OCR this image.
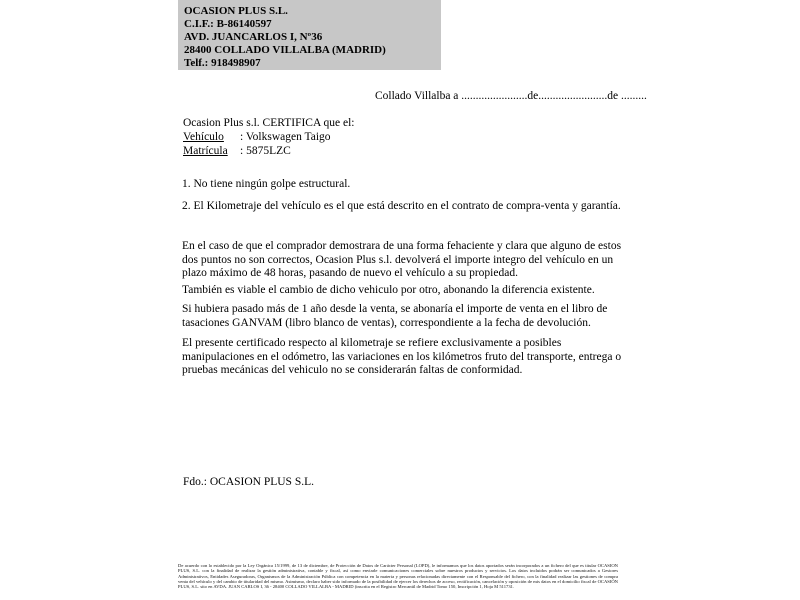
OCASION PLUS S.L.
C.I.F.: B-86140597
AVD. JUANCARLOS I, Nº36
28400 COLLADO VILLALBA (MADRID)
Telf.: 918498907
Collado Villalba a .......................de........................de .........
Ocasion Plus s.l. CERTIFICA que el:
Vehículo : Volkswagen Taigo
Matrícula : 5875LZC
1. No tiene ningún golpe estructural.
2. El Kilometraje del vehículo es el que está descrito en el contrato de compra-venta y garantía.
En el caso de que el comprador demostrara de una forma fehaciente y clara que alguno de estos dos puntos no son correctos, Ocasion Plus s.l. devolverá el importe integro del vehículo en un plazo máximo de 48 horas, pasando de nuevo el vehículo a su propiedad.
También es viable el cambio de dicho vehiculo por otro, abonando la diferencia existente.
Si hubiera pasado más de 1 año desde la venta, se abonaría el importe de venta en el libro de tasaciones GANVAM (libro blanco de ventas), correspondiente a la fecha de devolución.
El presente certificado respecto al kilometraje se refiere exclusivamente a posibles manipulaciones en el odómetro, las variaciones en los kilómetros fruto del transporte, entrega o pruebas mecánicas del vehiculo no se considerarán faltas de conformidad.
Fdo.: OCASION PLUS S.L.
De acuerdo con lo establecido por la Ley Orgánica 15/1999, de 13 de diciembre, de Protección de Datos de Carácter Personal (LOPD), le informamos que los datos aportados serán incorporados a un fichero del que es titular OCASION PLUS, S.L. con la finalidad de realizar la gestión administrativa, contable y fiscal, así como enviarle comunicaciones comerciales sobre nuestros productos y servicios. Los datos incluidos podrán ser comunicados a Gestores Administrativos, Entidades Aseguradoras, Organismos de la Administración Pública con competencia en la materia y personas relacionadas directamente con el Responsable del fichero, con la finalidad realizar las gestiones de compra venta del vehículo y del cambio de titularidad del mismo. Asimismo, declaro haber sido informado de la posibilidad de ejercer los derechos de acceso, rectificación, cancelación y oposición de mis datos en el domicilio fiscal de OCASIÓN PLUS, S.L. sito en AVDA. JUAN CARLOS I, 36 - 28400 COLLADO VILLALBA - MADRID (inscrita en el Registro Mercantil de Madrid Tomo 150, Inscripción 1, Hoja M 511731.
